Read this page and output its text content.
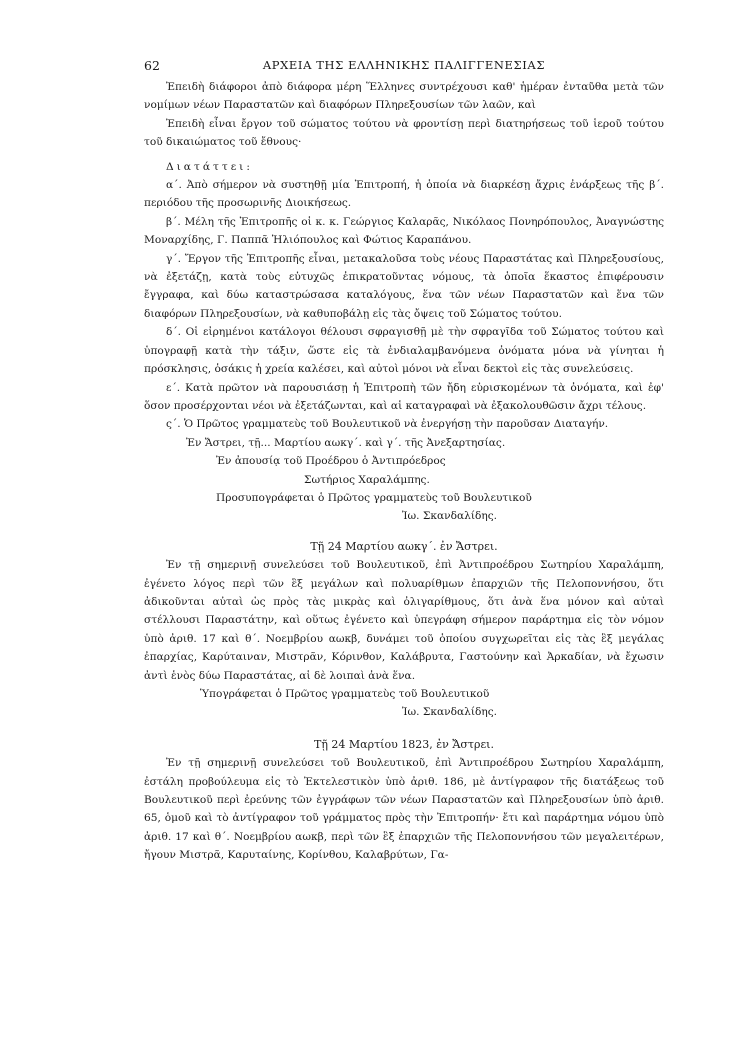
62	ΑΡΧΕΙΑ ΤΗΣ ΕΛΛΗΝΙΚΗΣ ΠΑΛΙΓΓΕΝΕΣΙΑΣ

Ἐπειδὴ διάφοροι ἀπὸ διάφορα μέρη Ἕλληνες συντρέχουσι καθ' ἡμέραν ἐνταῦθα μετὰ τῶν νομίμων νέων Παραστατῶν καὶ διαφόρων Πληρεξουσίων τῶν λαῶν, καὶ

Ἐπειδὴ εἶναι ἔργον τοῦ σώματος τούτου νὰ φροντίσῃ περὶ διατηρήσεως τοῦ ἱεροῦ τούτου τοῦ δικαιώματος τοῦ ἔθνους·

Διατάττει:

α΄. Ἀπὸ σήμερον νὰ συστηθῇ μία Ἐπιτροπή, ἡ ὁποία νὰ διαρκέσῃ ἄχρις ἐνάρξεως τῆς β΄. περιόδου τῆς προσωρινῆς Διοικήσεως.

β΄. Μέλη τῆς Ἐπιτροπῆς οἱ κ. κ. Γεώργιος Καλαρᾶς, Νικόλαος Πονηρόπουλος, Ἀναγνώστης Μοναρχίδης, Γ. Παππᾶ Ἡλιόπουλος καὶ Φώτιος Καραπάνου.

γ΄. Ἔργον τῆς Ἐπιτροπῆς εἶναι, μετακαλοῦσα τοὺς νέους Παραστάτας καὶ Πληρεξουσίους, νὰ ἐξετάζῃ, κατὰ τοὺς εὐτυχῶς ἐπικρατοῦντας νόμους, τὰ ὁποῖα ἕκαστος ἐπιφέρουσιν ἔγγραφα, καὶ δύω καταστρώσασα καταλόγους, ἕνα τῶν νέων Παραστατῶν καὶ ἕνα τῶν διαφόρων Πληρεξουσίων, νὰ καθυποβάλῃ εἰς τὰς ὄψεις τοῦ Σώματος τούτου.

δ΄. Οἱ εἰρημένοι κατάλογοι θέλουσι σφραγισθῇ μὲ τὴν σφραγῖδα τοῦ Σώματος τούτου καὶ ὑπογραφῇ κατὰ τὴν τάξιν, ὥστε εἰς τὰ ἐνδιαλαμβανόμενα ὀνόματα μόνα νὰ γίνηται ἡ πρόσκλησις, ὁσάκις ἡ χρεία καλέσει, καὶ αὐτοὶ μόνοι νὰ εἶναι δεκτοὶ εἰς τὰς συνελεύσεις.

ε΄. Κατὰ πρῶτον νὰ παρουσιάσῃ ἡ Ἐπιτροπὴ τῶν ἤδη εὑρισκομένων τὰ ὀνόματα, καὶ ἐφ' ὅσον προσέρχονται νέοι νὰ ἐξετάζωνται, καὶ αἱ καταγραφαὶ νὰ ἐξακολουθῶσιν ἄχρι τέλους.

ς΄. Ὁ Πρῶτος γραμματεὺς τοῦ Βουλευτικοῦ νὰ ἐνεργήσῃ τὴν παροῦσαν Διαταγήν.

Ἐν Ἄστρει, τῇ... Μαρτίου αωκγ΄. καὶ γ΄. τῆς Ἀνεξαρτησίας.

Ἐν ἀπουσίᾳ τοῦ Προέδρου ὁ Ἀντιπρόεδρος

Σωτήριος Χαραλάμπης.

Προσυπογράφεται ὁ Πρῶτος γραμματεὺς τοῦ Βουλευτικοῦ

Ἰω. Σκανδαλίδης.

Τῇ 24 Μαρτίου αωκγ΄. ἐν Ἄστρει.

Ἐν τῇ σημερινῇ συνελεύσει τοῦ Βουλευτικοῦ, ἐπὶ Ἀντιπροέδρου Σωτηρίου Χαραλάμπη, ἐγένετο λόγος περὶ τῶν ἓξ μεγάλων καὶ πολυαρίθμων ἐπαρχιῶν τῆς Πελοποννήσου, ὅτι ἀδικοῦνται αὐταὶ ὡς πρὸς τὰς μικρὰς καὶ ὀλιγαρίθμους, ὅτι ἀνὰ ἕνα μόνον καὶ αὐταὶ στέλλουσι Παραστάτην, καὶ οὕτως ἐγένετο καὶ ὑπεγράφη σήμερον παράρτημα εἰς τὸν νόμον ὑπὸ ἀριθ. 17 καὶ θ΄. Νοεμβρίου αωκβ, δυνάμει τοῦ ὁποίου συγχωρεῖται εἰς τὰς ἓξ μεγάλας ἐπαρχίας, Καρύταιναν, Μιστρᾶν, Κόρινθον, Καλάβρυτα, Γαστούνην καὶ Ἀρκαδίαν, νὰ ἔχωσιν ἀντὶ ἑνὸς δύω Παραστάτας, αἱ δὲ λοιπαὶ ἀνὰ ἕνα.

Ὑπογράφεται ὁ Πρῶτος γραμματεὺς τοῦ Βουλευτικοῦ

Ἰω. Σκανδαλίδης.

Τῇ 24 Μαρτίου 1823, ἐν Ἄστρει.

Ἐν τῇ σημερινῇ συνελεύσει τοῦ Βουλευτικοῦ, ἐπὶ Ἀντιπροέδρου Σωτηρίου Χαραλάμπη, ἐστάλη προβούλευμα εἰς τὸ Ἐκτελεστικὸν ὑπὸ ἀριθ. 186, μὲ ἀντίγραφον τῆς διατάξεως τοῦ Βουλευτικοῦ περὶ ἐρεύνης τῶν ἐγγράφων τῶν νέων Παραστατῶν καὶ Πληρεξουσίων ὑπὸ ἀριθ. 65, ὁμοῦ καὶ τὸ ἀντίγραφον τοῦ γράμματος πρὸς τὴν Ἐπιτροπήν· ἔτι καὶ παράρτημα νόμου ὑπὸ ἀριθ. 17 καὶ θ΄. Νοεμβρίου αωκβ, περὶ τῶν ἓξ ἐπαρχιῶν τῆς Πελοποννήσου τῶν μεγαλειτέρων, ἤγουν Μιστρᾶ, Καρυταίνης, Κορίνθου, Καλαβρύτων, Γα-
